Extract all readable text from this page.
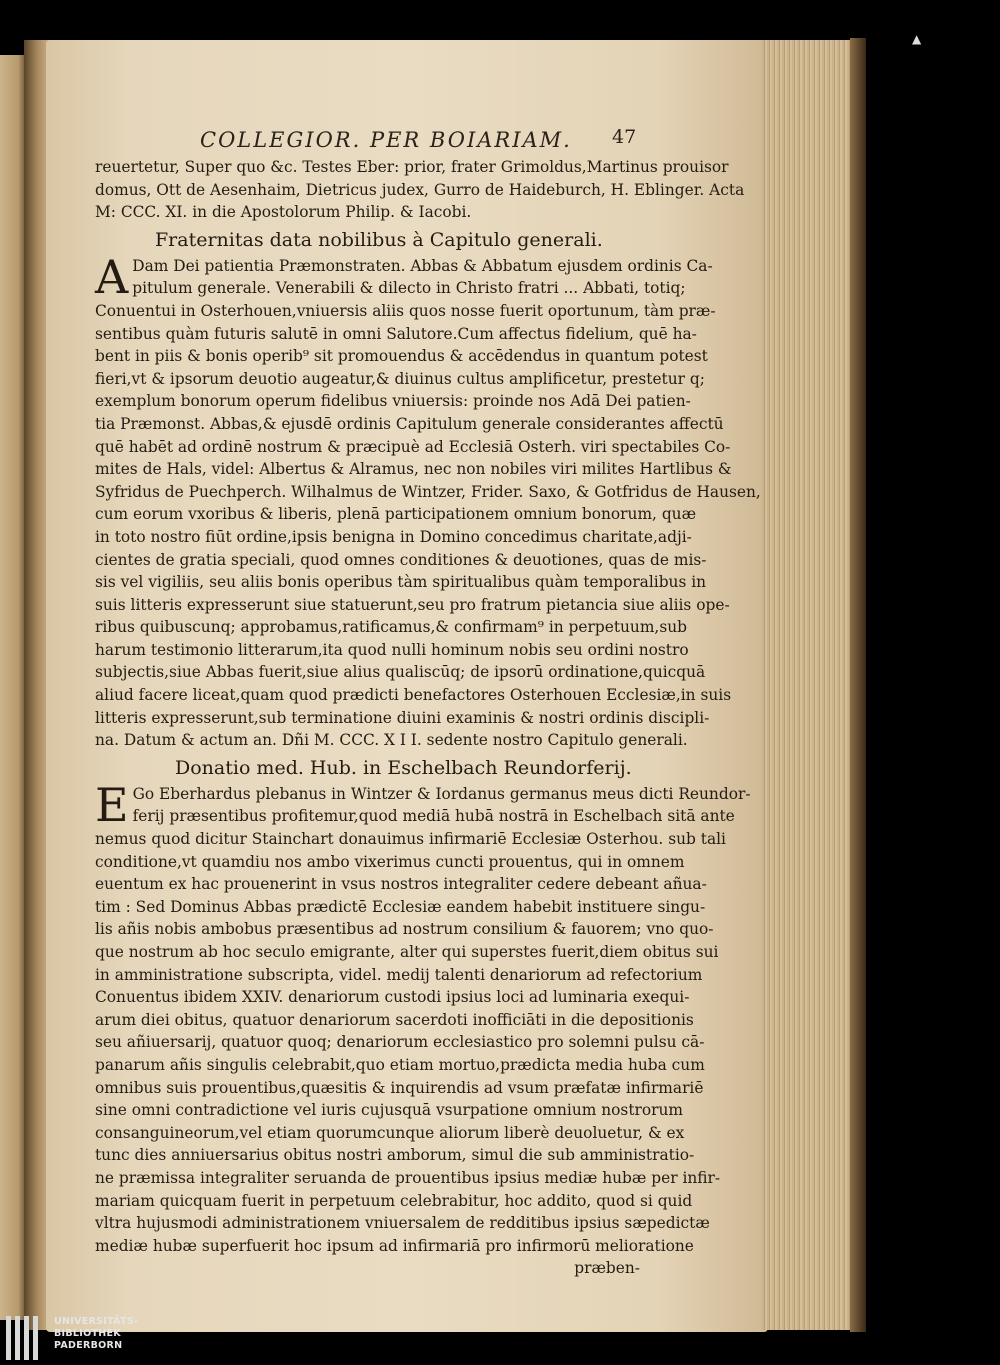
▲
COLLEGIOR. PER BOIARIAM.	47
reuertetur, Super quo &c. Testes Eber: prior, frater Grimoldus,Martinus prouisor
domus, Ott de Aesenhaim, Dietricus judex, Gurro de Haideburch, H. Eblinger. Acta
M: CCC. XI. in die Apostolorum Philip. & Iacobi.
Fraternitas data nobilibus à Capitulo generali.
A Dam Dei patientia Præmonstraten. Abbas & Abbatum ejusdem ordinis Ca-
pitulum generale. Venerabili & dilecto in Christo fratri ... Abbati, totiq;
Conuentui in Osterhouen,vniuersis aliis quos nosse fuerit oportunum, tàm præ-
sentibus quàm futuris salutē in omni Salutore.Cum affectus fidelium, quē ha-
bent in piis & bonis operib⁹ sit promouendus & accēdendus in quantum potest
fieri,vt & ipsorum deuotio augeatur,& diuinus cultus amplificetur, prestetur q;
exemplum bonorum operum fidelibus vniuersis: proinde nos Adā Dei patien-
tia Præmonst. Abbas,& ejusdē ordinis Capitulum generale considerantes affectū
quē habēt ad ordinē nostrum & præcipuè ad Ecclesiā Osterh. viri spectabiles Co-
mites de Hals, videl: Albertus & Alramus, nec non nobiles viri milites Hartlibus &
Syfridus de Puechperch. Wilhalmus de Wintzer, Frider. Saxo, & Gotfridus de Hausen,
cum eorum vxoribus & liberis, plenā participationem omnium bonorum, quæ
in toto nostro fiūt ordine,ipsis benigna in Domino concedimus charitate,adji-
cientes de gratia speciali, quod omnes conditiones & deuotiones, quas de mis-
sis vel vigiliis, seu aliis bonis operibus tàm spiritualibus quàm temporalibus in
suis litteris expresserunt siue statuerunt,seu pro fratrum pietancia siue aliis ope-
ribus quibuscunq; approbamus,ratificamus,& confirmam⁹ in perpetuum,sub
harum testimonio litterarum,ita quod nulli hominum nobis seu ordini nostro
subjectis,siue Abbas fuerit,siue alius qualiscūq; de ipsorū ordinatione,quicquā
aliud facere liceat,quam quod prædicti benefactores Osterhouen Ecclesiæ,in suis
litteris expresserunt,sub terminatione diuini examinis & nostri ordinis discipli-
na. Datum & actum an. Dñi M. CCC. X I I. sedente nostro Capitulo generali.
Donatio med. Hub. in Eschelbach Reundorferij.
E Go Eberhardus plebanus in Wintzer & Iordanus germanus meus dicti Reundor-
ferij præsentibus profitemur,quod mediā hubā nostrā in Eschelbach sitā ante
nemus quod dicitur Stainchart donauimus infirmariē Ecclesiæ Osterhou. sub tali
conditione,vt quamdiu nos ambo vixerimus cuncti prouentus, qui in omnem
euentum ex hac prouenerint in vsus nostros integraliter cedere debeant añua-
tim : Sed Dominus Abbas prædictē Ecclesiæ eandem habebit instituere singu-
lis añis nobis ambobus præsentibus ad nostrum consilium & fauorem; vno quo-
que nostrum ab hoc seculo emigrante, alter qui superstes fuerit,diem obitus sui
in amministratione subscripta, videl. medij talenti denariorum ad refectorium
Conuentus ibidem XXIV. denariorum custodi ipsius loci ad luminaria exequi-
arum diei obitus, quatuor denariorum sacerdoti inofficiāti in die depositionis
seu añiuersarij, quatuor quoq; denariorum ecclesiastico pro solemni pulsu cā-
panarum añis singulis celebrabit,quo etiam mortuo,prædicta media huba cum
omnibus suis prouentibus,quæsitis & inquirendis ad vsum præfatæ infirmariē
sine omni contradictione vel iuris cujusquā vsurpatione omnium nostrorum
consanguineorum,vel etiam quorumcunque aliorum liberè deuoluetur, & ex
tunc dies anniuersarius obitus nostri amborum, simul die sub amministratio-
ne præmissa integraliter seruanda de prouentibus ipsius mediæ hubæ per infir-
mariam quicquam fuerit in perpetuum celebrabitur, hoc addito, quod si quid
vltra hujusmodi administrationem vniuersalem de redditibus ipsius sæpedictæ
mediæ hubæ superfuerit hoc ipsum ad infirmariā pro infirmorū melioratione
præben-
UNIVERSITÄTS-
BIBLIOTHEK
PADERBORN
